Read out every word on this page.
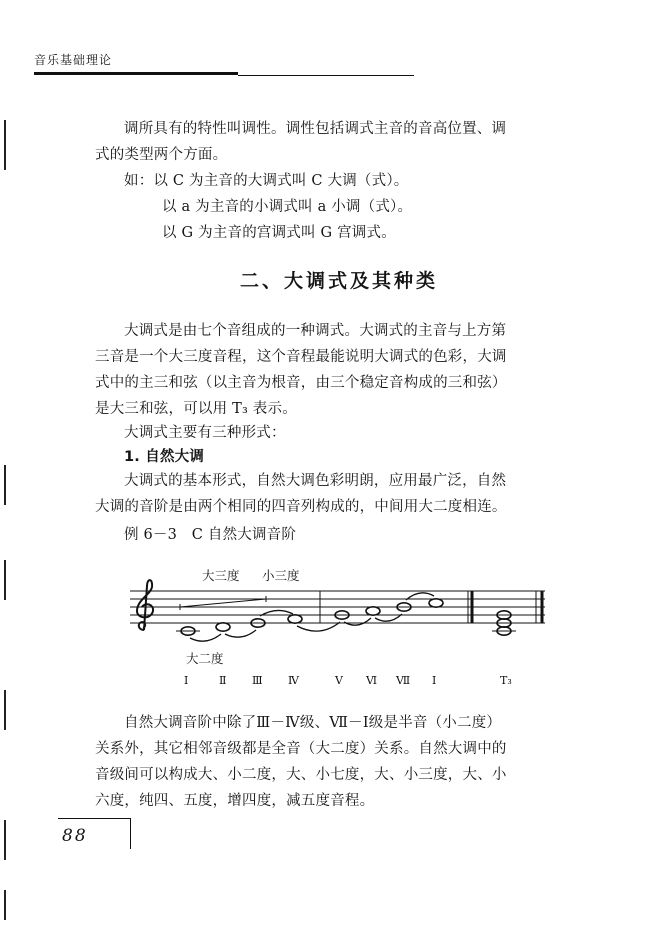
音乐基础理论
调所具有的特性叫调性。调性包括调式主音的音高位置、调
式的类型两个方面。
如：以 C 为主音的大调式叫 C 大调（式）。
以 a 为主音的小调式叫 a 小调（式）。
以 G 为主音的宫调式叫 G 宫调式。
二、大调式及其种类
大调式是由七个音组成的一种调式。大调式的主音与上方第
三音是一个大三度音程，这个音程最能说明大调式的色彩，大调
式中的主三和弦（以主音为根音，由三个稳定音构成的三和弦）
是大三和弦，可以用 T₃ 表示。
大调式主要有三种形式：
1. 自然大调
大调式的基本形式，自然大调色彩明朗，应用最广泛，自然
大调的音阶是由两个相同的四音列构成的，中间用大二度相连。
例 6－3　C 自然大调音阶
大三度 小三度
大二度
Ⅰ	Ⅱ Ⅲ Ⅳ	Ⅴ Ⅵ Ⅶ Ⅰ	T₃
自然大调音阶中除了Ⅲ－Ⅳ级、Ⅶ－Ⅰ级是半音（小二度）
关系外，其它相邻音级都是全音（大二度）关系。自然大调中的
音级间可以构成大、小二度，大、小七度，大、小三度，大、小
六度，纯四、五度，增四度，减五度音程。
88
